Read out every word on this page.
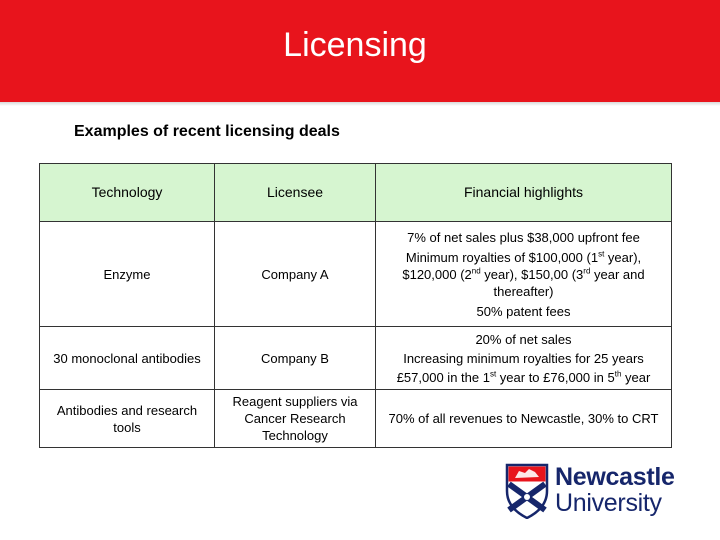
Licensing
Examples of recent licensing deals
Technology	Licensee	Financial highlights
Enzyme	Company A	7% of net sales plus $38,000 upfront fee
Minimum royalties of $100,000 (1st year), $120,000 (2nd year), $150,00 (3rd year and thereafter)
50% patent fees

30 monoclonal antibodies	Company B	20% of net sales
Increasing minimum royalties for 25 years
£57,000 in the 1st year to £76,000 in 5th year

Antibodies and research tools	Reagent suppliers via Cancer Research Technology	70% of all revenues to Newcastle, 30% to CRT
Newcastle
University
